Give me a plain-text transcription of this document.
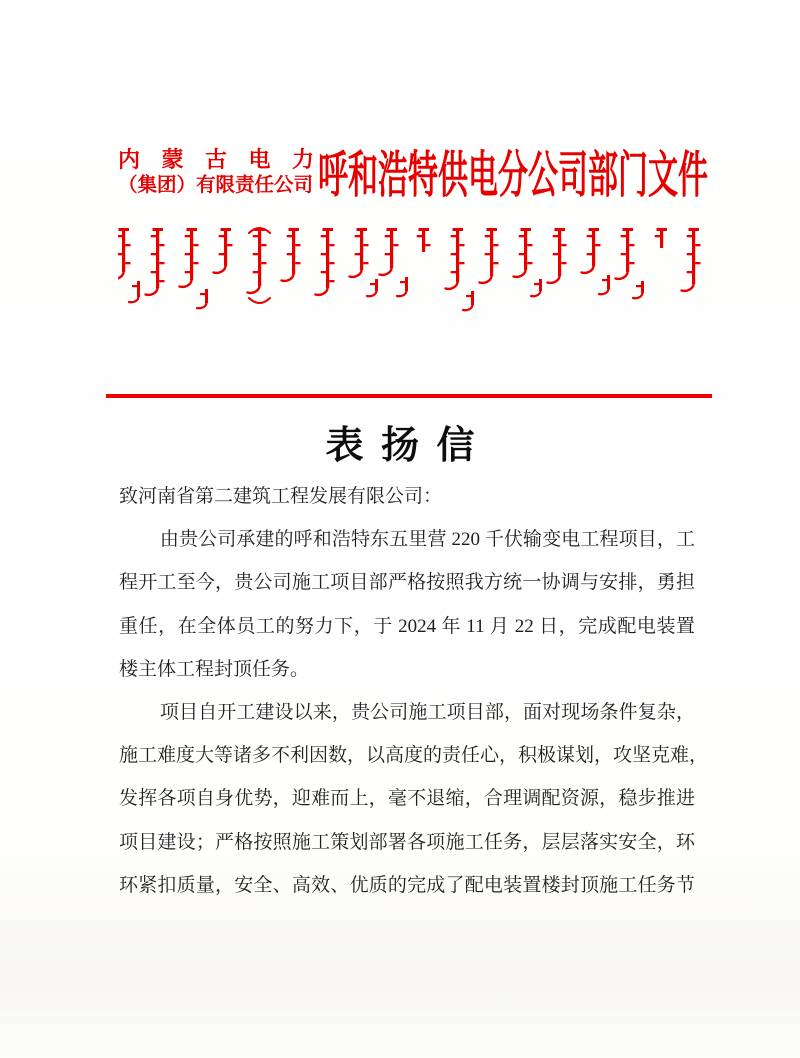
内蒙古电力
（集团）有限责任公司 呼和浩特供电分公司部门文件
表 扬 信

致河南省第二建筑工程发展有限公司：

由贵公司承建的呼和浩特东五里营 220 千伏输变电工程项目，工

程开工至今，贵公司施工项目部严格按照我方统一协调与安排，勇担

重任，在全体员工的努力下，于 2024 年 11 月 22 日，完成配电装置

楼主体工程封顶任务。

项目自开工建设以来，贵公司施工项目部，面对现场条件复杂，

施工难度大等诸多不利因数，以高度的责任心，积极谋划，攻坚克难，

发挥各项自身优势，迎难而上，毫不退缩，合理调配资源，稳步推进

项目建设；严格按照施工策划部署各项施工任务，层层落实安全，环

环紧扣质量，安全、高效、优质的完成了配电装置楼封顶施工任务节
